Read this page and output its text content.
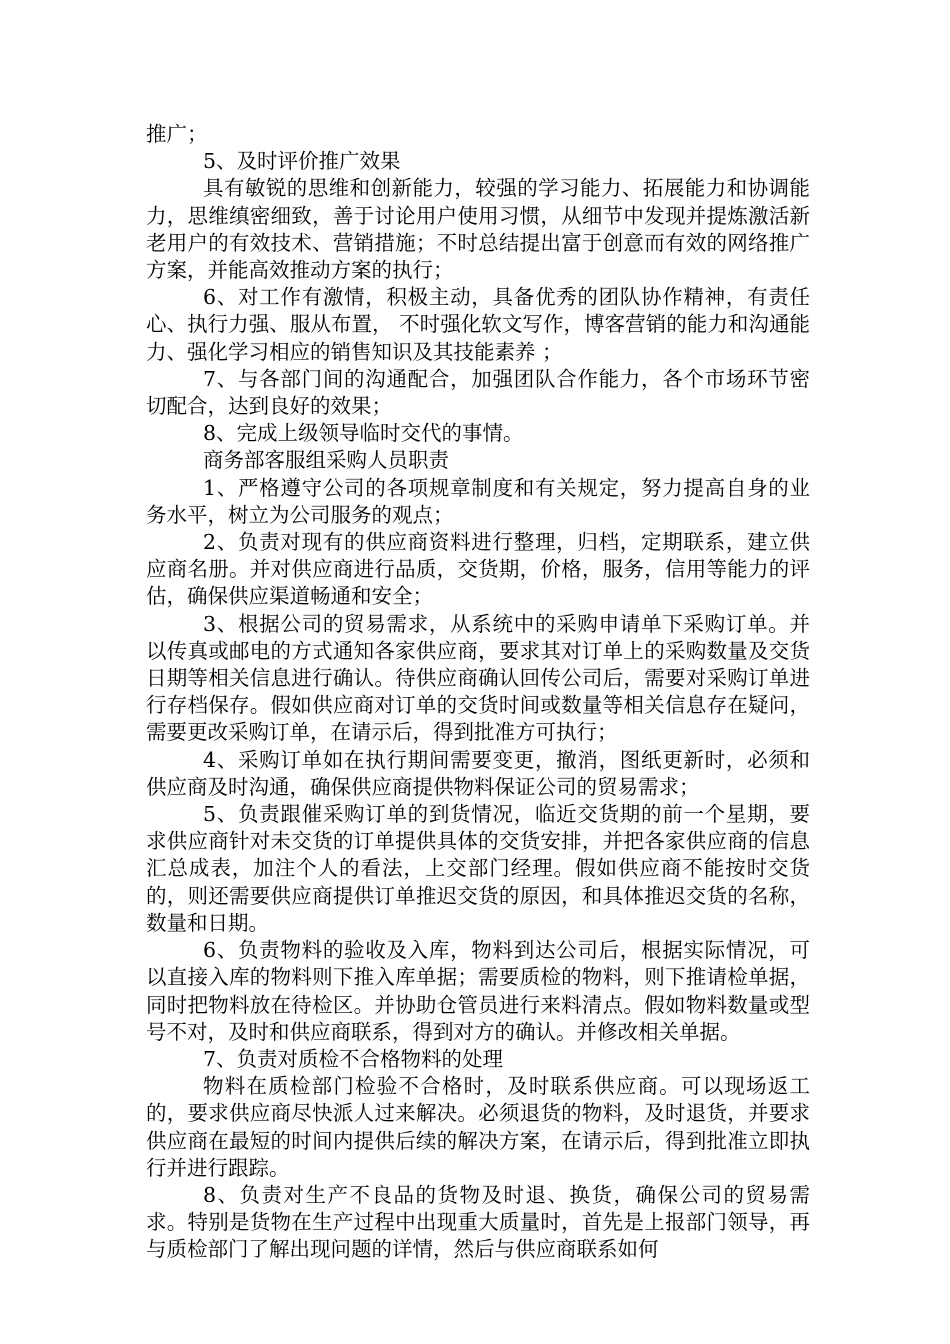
推广；

5、及时评价推广效果

具有敏锐的思维和创新能力，较强的学习能力、拓展能力和协调能力，思维缜密细致，善于讨论用户使用习惯，从细节中发现并提炼激活新老用户的有效技术、营销措施；不时总结提出富于创意而有效的网络推广方案，并能高效推动方案的执行；

6、对工作有激情，积极主动，具备优秀的团队协作精神，有责任心、执行力强、服从布置， 不时强化软文写作，博客营销的能力和沟通能力、强化学习相应的销售知识及其技能素养 ；

7、与各部门间的沟通配合，加强团队合作能力，各个市场环节密切配合，达到良好的效果；

8、完成上级领导临时交代的事情。

商务部客服组采购人员职责

1、严格遵守公司的各项规章制度和有关规定，努力提高自身的业务水平，树立为公司服务的观点；

2、负责对现有的供应商资料进行整理，归档，定期联系，建立供应商名册。并对供应商进行品质，交货期，价格，服务，信用等能力的评估，确保供应渠道畅通和安全；

3、根据公司的贸易需求，从系统中的采购申请单下采购订单。并以传真或邮电的方式通知各家供应商，要求其对订单上的采购数量及交货日期等相关信息进行确认。待供应商确认回传公司后，需要对采购订单进行存档保存。假如供应商对订单的交货时间或数量等相关信息存在疑问，需要更改采购订单，在请示后，得到批准方可执行；

4、采购订单如在执行期间需要变更，撤消，图纸更新时，必须和供应商及时沟通，确保供应商提供物料保证公司的贸易需求；

5、负责跟催采购订单的到货情况，临近交货期的前一个星期，要求供应商针对未交货的订单提供具体的交货安排，并把各家供应商的信息汇总成表，加注个人的看法，上交部门经理。假如供应商不能按时交货的，则还需要供应商提供订单推迟交货的原因，和具体推迟交货的名称，数量和日期。

6、负责物料的验收及入库，物料到达公司后，根据实际情况，可以直接入库的物料则下推入库单据；需要质检的物料，则下推请检单据，同时把物料放在待检区。并协助仓管员进行来料清点。假如物料数量或型号不对，及时和供应商联系，得到对方的确认。并修改相关单据。

7、负责对质检不合格物料的处理

物料在质检部门检验不合格时，及时联系供应商。可以现场返工的，要求供应商尽快派人过来解决。必须退货的物料，及时退货，并要求供应商在最短的时间内提供后续的解决方案，在请示后，得到批准立即执行并进行跟踪。

8、负责对生产不良品的货物及时退、换货，确保公司的贸易需求。特别是货物在生产过程中出现重大质量时，首先是上报部门领导，再与质检部门了解出现问题的详情，然后与供应商联系如何
